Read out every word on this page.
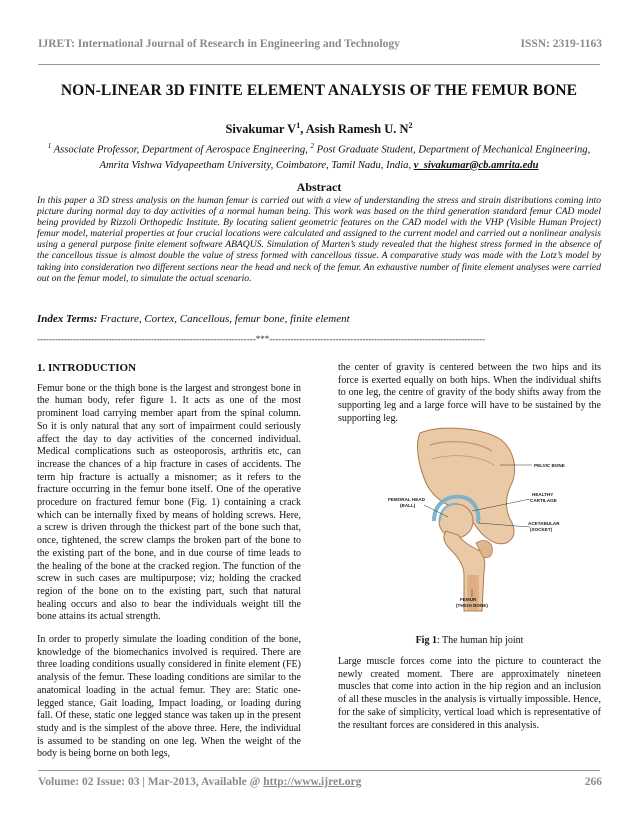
IJRET: International Journal of Research in Engineering and Technology	ISSN: 2319-1163
NON-LINEAR 3D FINITE ELEMENT ANALYSIS OF THE FEMUR BONE
Sivakumar $V^1$, Asish Ramesh U. $N^2$
$^1$ Associate Professor, Department of Aerospace Engineering, $^2$ Post Graduate Student, Department of Mechanical Engineering, Amrita Vishwa Vidyapeetham University, Coimbatore, Tamil Nadu, India, v_sivakumar@cb.amrita.edu
Abstract
In this paper a 3D stress analysis on the human femur is carried out with a view of understanding the stress and strain distributions coming into picture during normal day to day activities of a normal human being. This work was based on the third generation standard femur CAD model being provided by Rizzoli Orthopedic Institute. By locating salient geometric features on the CAD model with the VHP (Visible Human Project) femur model, material properties at four crucial locations were calculated and assigned to the current model and carried out a nonlinear analysis using a general purpose finite element software ABAQUS. Simulation of Marten’s study revealed that the highest stress formed in the absence of the cancellous tissue is almost double the value of stress formed with cancellous tissue. A comparative study was made with the Lotz’s model by taking into consideration two different sections near the head and neck of the femur. An exhaustive number of finite element analyses were carried out on the femur model, to simulate the actual scenario.
Index Terms: Fracture, Cortex, Cancellous, femur bone, finite element
-------------------------------------------------------------------------***------------------------------------------------------------------------

1. INTRODUCTION

Femur bone or the thigh bone is the largest and strongest bone in the human body, refer figure 1. It acts as one of the most prominent load carrying member apart from the spinal column. So it is only natural that any sort of impairment could seriously affect the day to day activities of the concerned individual. Medical complications such as osteoporosis, arthritis etc, can increase the chances of a hip fracture in cases of accidents. The term hip fracture is actually a misnomer; as it refers to the fracture occurring in the femur bone itself. One of the operative procedure on fractured femur bone (Fig. 1) containing a crack which can be internally fixed by means of holding screws. Here, a screw is driven through the thickest part of the bone such that, once, tightened, the screw clamps the broken part of the bone to the existing part of the bone, and in due course of time leads to the healing of the bone at the cracked region. The function of the screw in such cases are multipurpose; viz; holding the cracked region of the bone on to the existing part, such that natural healing occurs and also to bear the individuals weight till the bone attains its actual strength.

In order to properly simulate the loading condition of the bone, knowledge of the biomechanics involved is required. There are three loading conditions usually considered in finite element (FE) analysis of the femur. These loading conditions are similar to the anatomical loading in the actual femur. They are: Static one-legged stance, Gait loading, Impact loading, or loading during fall. Of these, static one legged stance was taken up in the present study and is the simplest of the above three. Here, the individual is assumed to be standing on one leg. When the weight of the body is being borne on both legs,

the center of gravity is centered between the two hips and its force is exerted equally on both hips. When the individual shifts to one leg, the centre of gravity of the body shifts away from the supporting leg and a large force will have to be sustained by the supporting leg.

PELVIC BONE
FEMORAL HEAD
(BALL)
HEALTHY
CARTILAGE
ACETABULAR
(SOCKET)
FEMUR
(THIGH BONE)
Fig 1: The human hip joint

Large muscle forces come into the picture to counteract the newly created moment. There are approximately nineteen muscles that come into action in the hip region and an inclusion of all these muscles in the analysis is virtually impossible. Hence, for the sake of simplicity, vertical load which is representative of the resultant forces are considered in this analysis.

Volume: 02 Issue: 03 | Mar-2013, Available @ http://www.ijret.org	266
